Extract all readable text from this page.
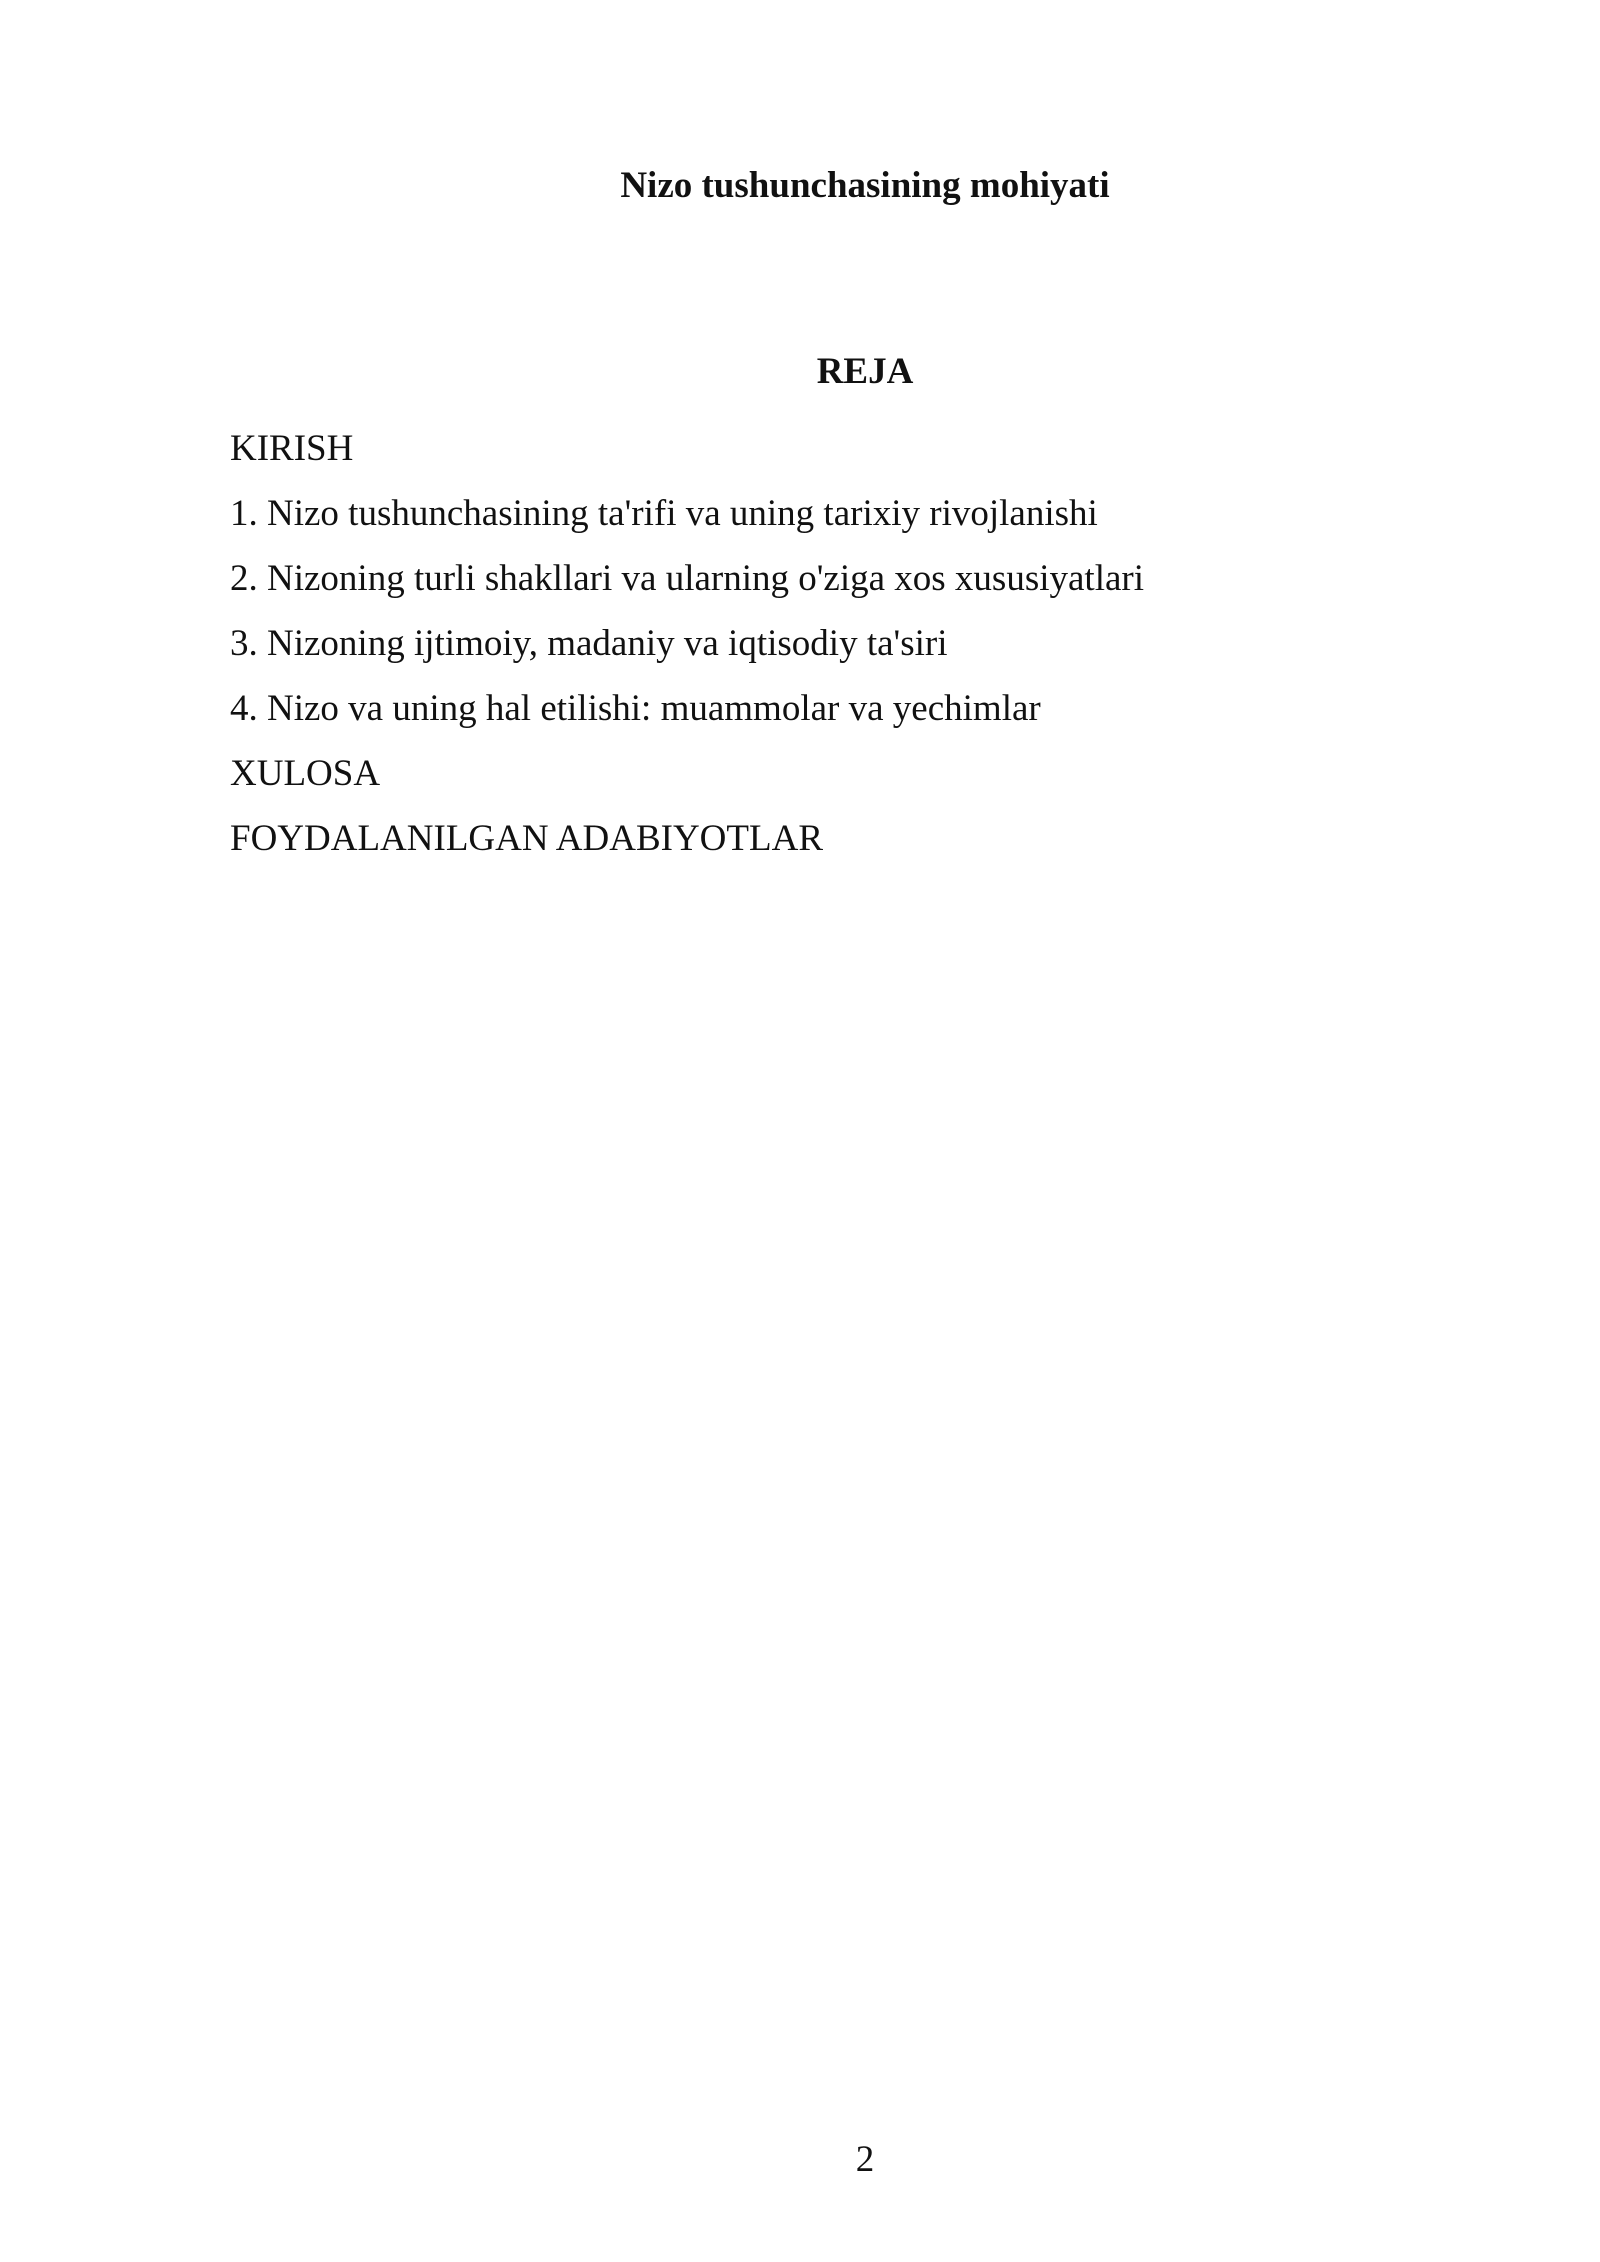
Nizo tushunchasining mohiyati
REJA
KIRISH
1. Nizo tushunchasining ta'rifi va uning tarixiy rivojlanishi
2. Nizoning turli shakllari va ularning o'ziga xos xususiyatlari
3. Nizoning ijtimoiy, madaniy va iqtisodiy ta'siri
4. Nizo va uning hal etilishi: muammolar va yechimlar
XULOSA
FOYDALANILGAN ADABIYOTLAR
2
